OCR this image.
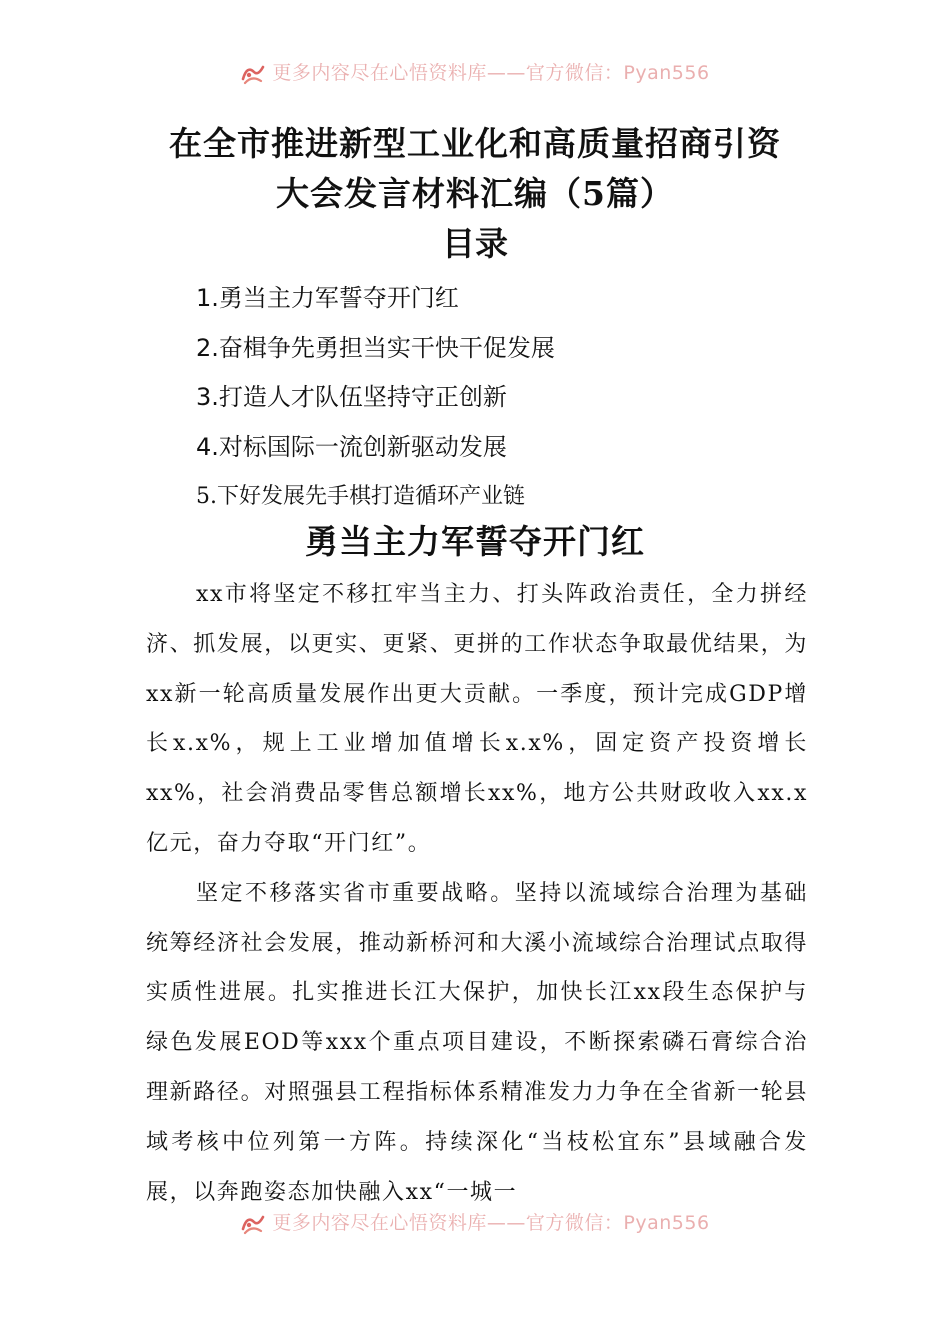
更多内容尽在心悟资料库——官方微信：Pyan556
在全市推进新型工业化和高质量招商引资
大会发言材料汇编（5篇）
目录
1.勇当主力军誓夺开门红
2.奋楫争先勇担当实干快干促发展
3.打造人才队伍坚持守正创新
4.对标国际一流创新驱动发展
5.下好发展先手棋打造循环产业链
勇当主力军誓夺开门红

xx市将坚定不移扛牢当主力、打头阵政治责任，全力拼经济、抓发展，以更实、更紧、更拼的工作状态争取最优结果，为xx新一轮高质量发展作出更大贡献。一季度，预计完成GDP增长x.x%，规上工业增加值增长x.x%，固定资产投资增长xx%，社会消费品零售总额增长xx%，地方公共财政收入xx.x亿元，奋力夺取“开门红”。

坚定不移落实省市重要战略。坚持以流域综合治理为基础统筹经济社会发展，推动新桥河和大溪小流域综合治理试点取得实质性进展。扎实推进长江大保护，加快长江xx段生态保护与绿色发展EOD等xxx个重点项目建设，不断探索磷石膏综合治理新路径。对照强县工程指标体系精准发力力争在全省新一轮县域考核中位列第一方阵。持续深化“当枝松宜东”县域融合发展，以奔跑姿态加快融入xx“一城一

更多内容尽在心悟资料库——官方微信：Pyan556
